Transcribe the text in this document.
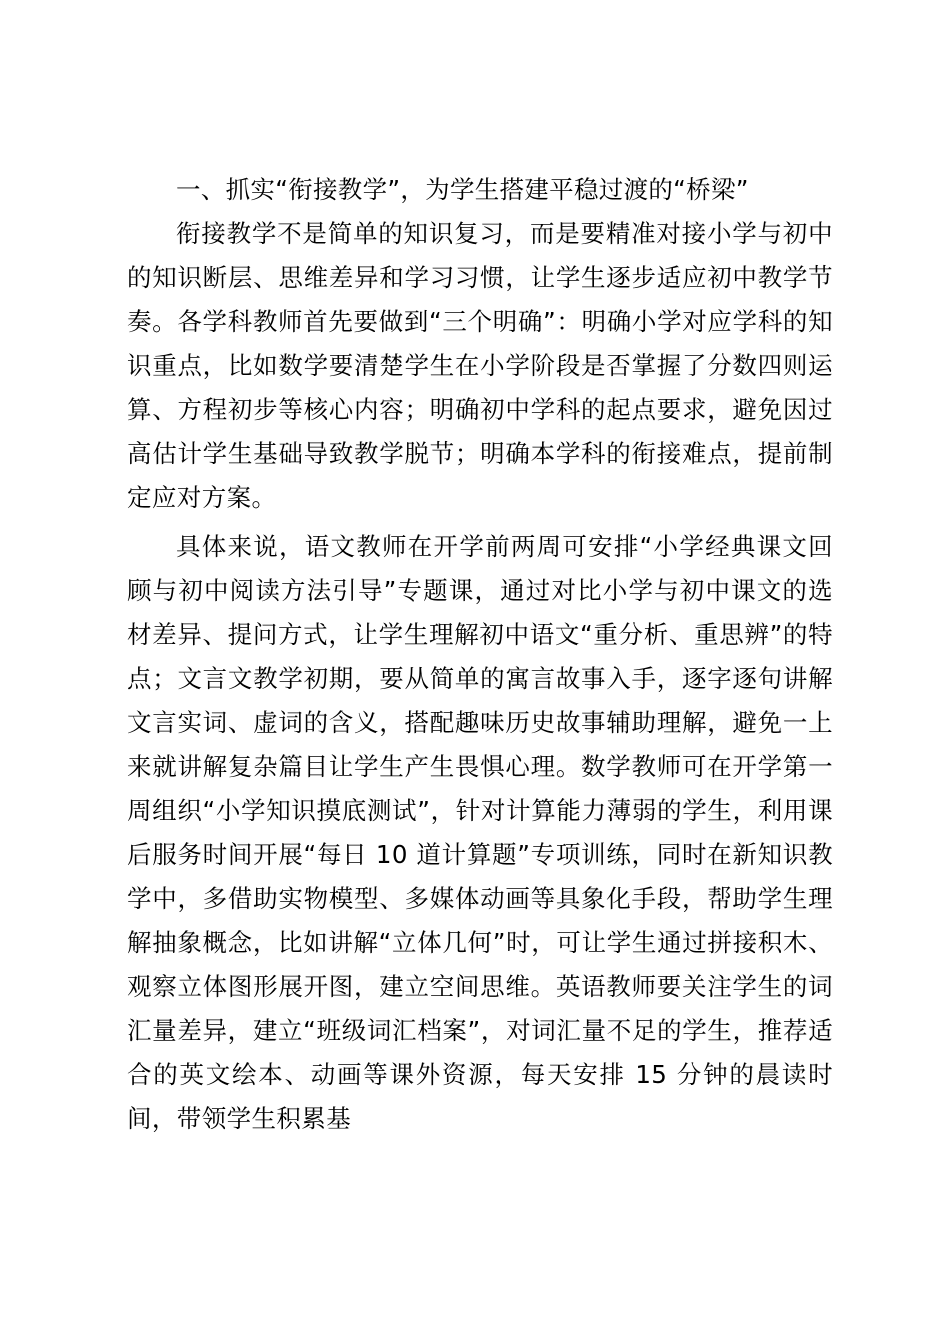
一、抓实“衔接教学”，为学生搭建平稳过渡的“桥梁”

衔接教学不是简单的知识复习，而是要精准对接小学与初中的知识断层、思维差异和学习习惯，让学生逐步适应初中教学节奏。各学科教师首先要做到“三个明确”：明确小学对应学科的知识重点，比如数学要清楚学生在小学阶段是否掌握了分数四则运算、方程初步等核心内容；明确初中学科的起点要求，避免因过高估计学生基础导致教学脱节；明确本学科的衔接难点，提前制定应对方案。

具体来说，语文教师在开学前两周可安排“小学经典课文回顾与初中阅读方法引导”专题课，通过对比小学与初中课文的选材差异、提问方式，让学生理解初中语文“重分析、重思辨”的特点；文言文教学初期，要从简单的寓言故事入手，逐字逐句讲解文言实词、虚词的含义，搭配趣味历史故事辅助理解，避免一上来就讲解复杂篇目让学生产生畏惧心理。数学教师可在开学第一周组织“小学知识摸底测试”，针对计算能力薄弱的学生，利用课后服务时间开展“每日 10 道计算题”专项训练，同时在新知识教学中，多借助实物模型、多媒体动画等具象化手段，帮助学生理解抽象概念，比如讲解“立体几何”时，可让学生通过拼接积木、观察立体图形展开图，建立空间思维。英语教师要关注学生的词汇量差异，建立“班级词汇档案”，对词汇量不足的学生，推荐适合的英文绘本、动画等课外资源，每天安排 15 分钟的晨读时间，带领学生积累基
